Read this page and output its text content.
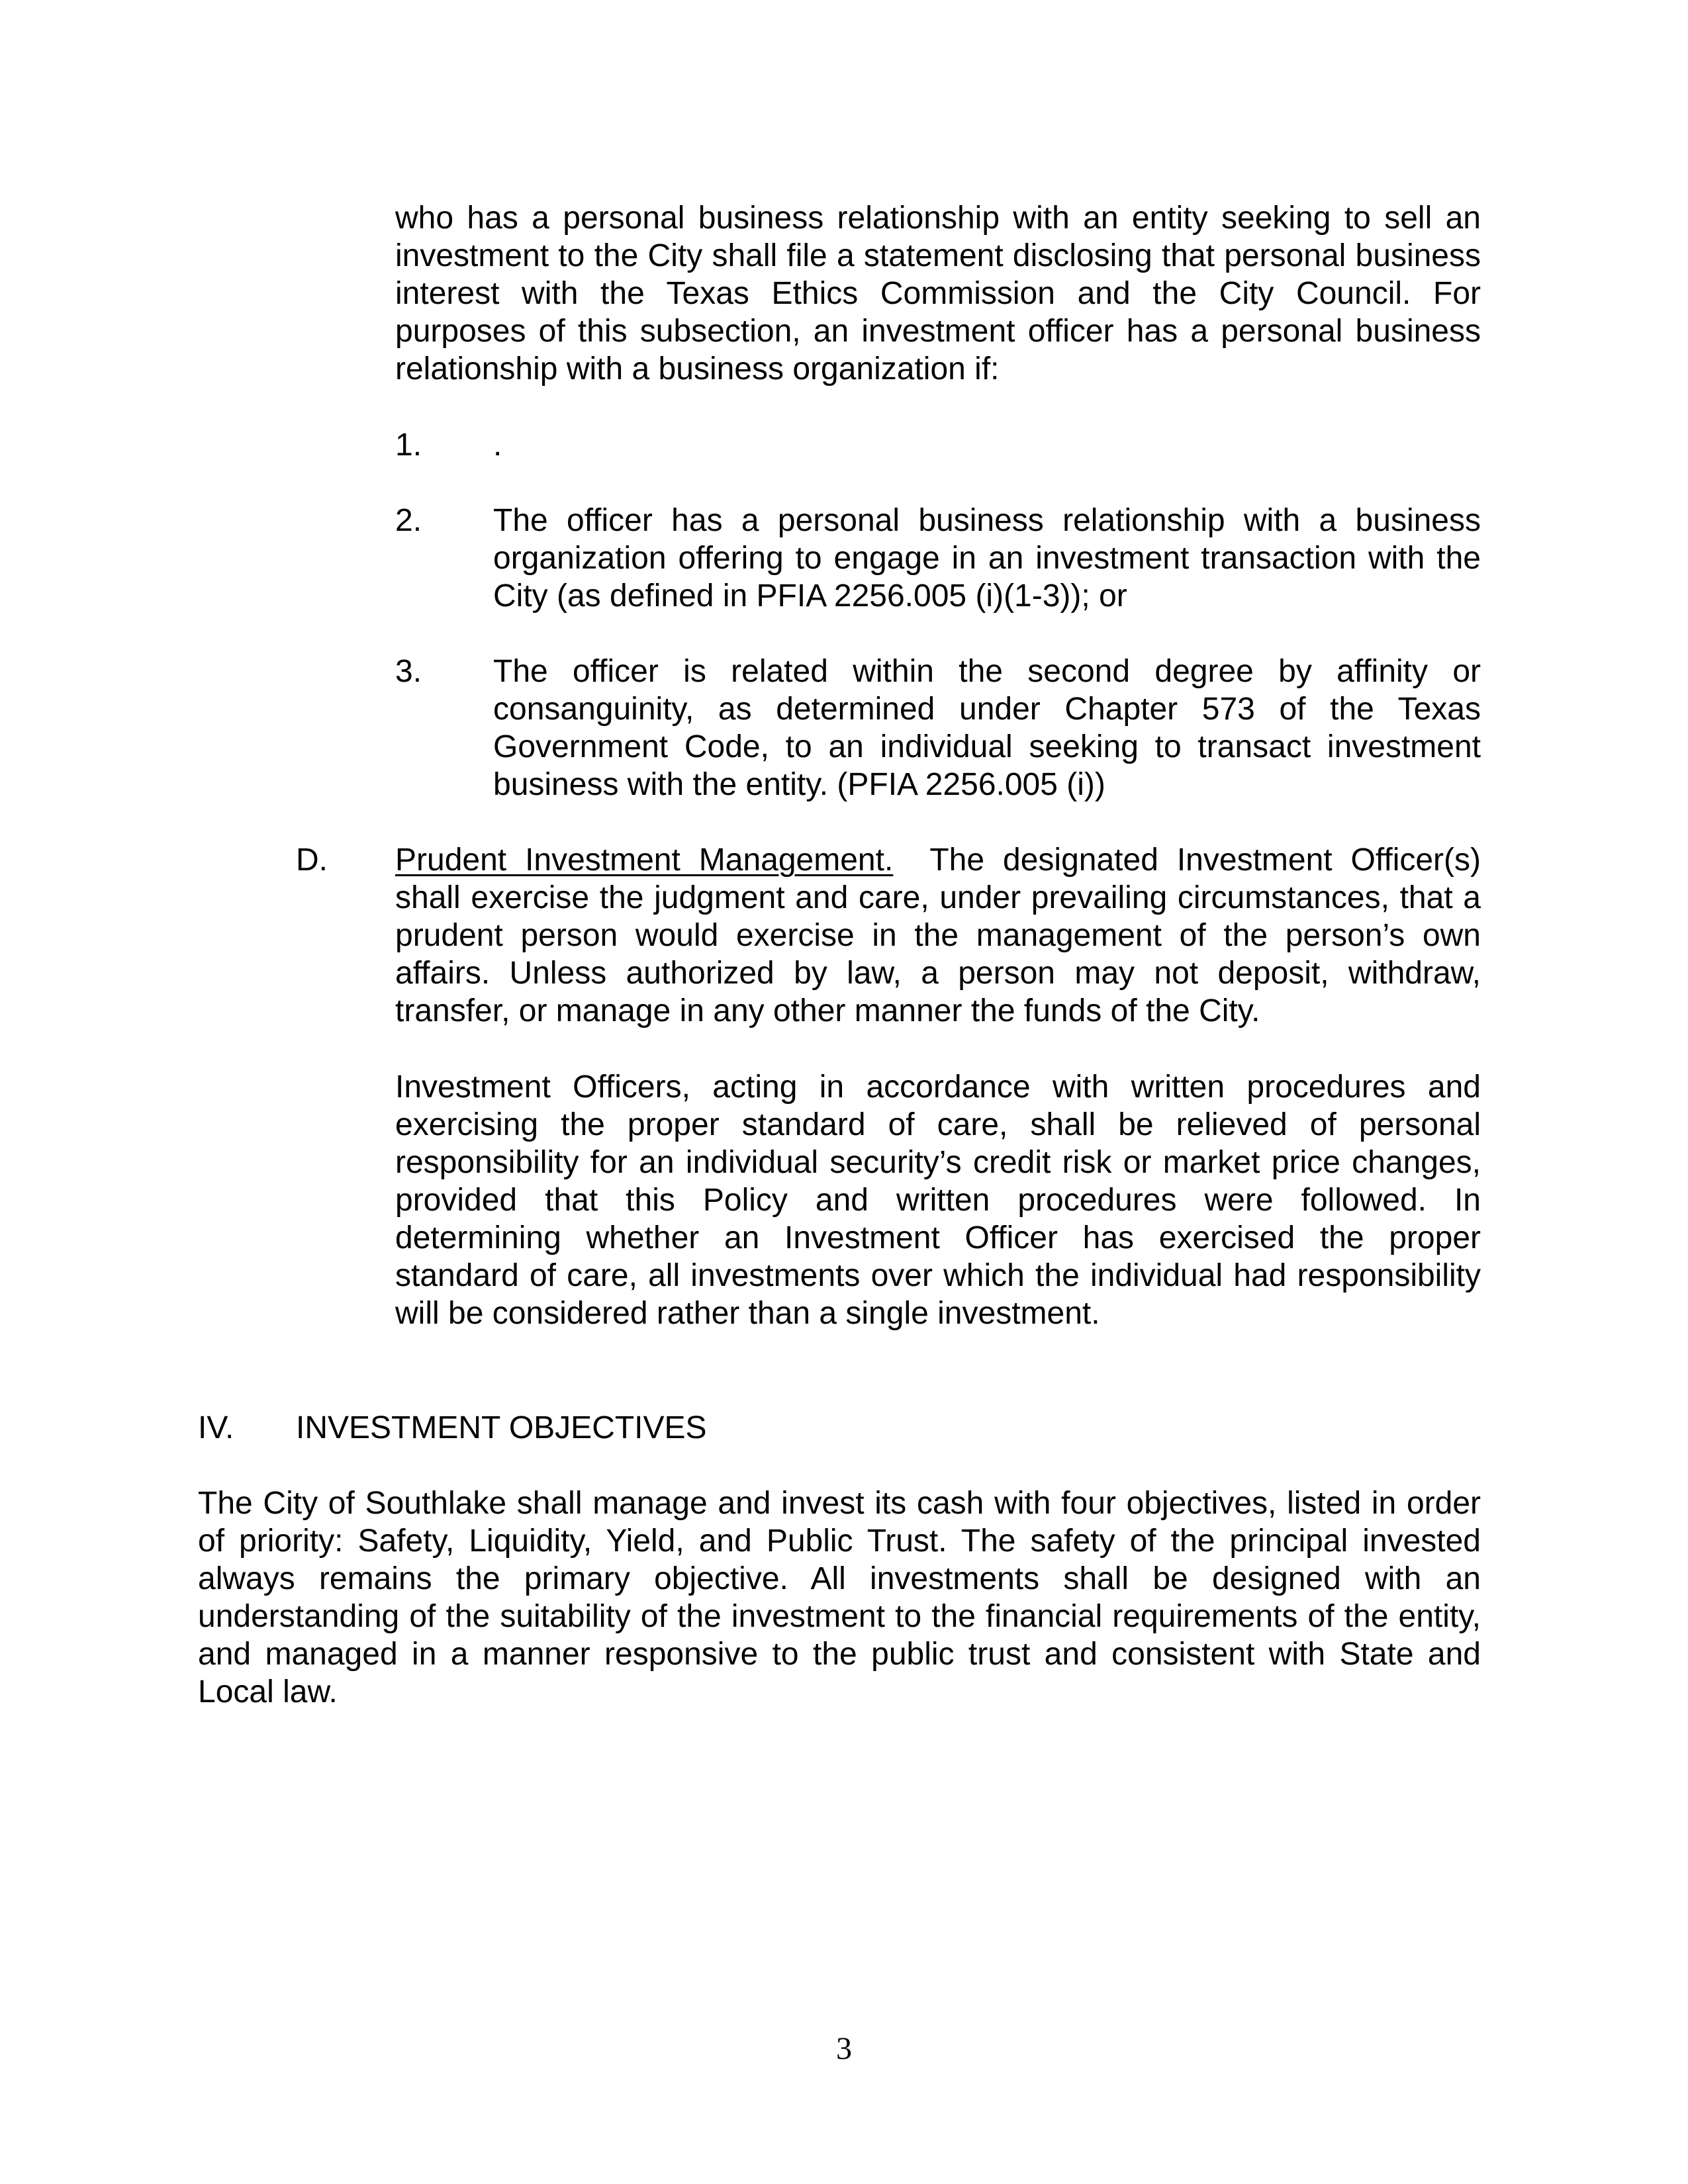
who has a personal business relationship with an entity seeking to sell an investment to the City shall file a statement disclosing that personal business interest with the Texas Ethics Commission and the City Council. For purposes of this subsection, an investment officer has a personal business relationship with a business organization if:

1. .
2. The officer has a personal business relationship with a business organization offering to engage in an investment transaction with the City (as defined in PFIA 2256.005 (i)(1-3)); or
3. The officer is related within the second degree by affinity or consanguinity, as determined under Chapter 573 of the Texas Government Code, to an individual seeking to transact investment business with the entity. (PFIA 2256.005 (i))
D. Prudent Investment Management. The designated Investment Officer(s) shall exercise the judgment and care, under prevailing circumstances, that a prudent person would exercise in the management of the person’s own affairs. Unless authorized by law, a person may not deposit, withdraw, transfer, or manage in any other manner the funds of the City.

Investment Officers, acting in accordance with written procedures and exercising the proper standard of care, shall be relieved of personal responsibility for an individual security’s credit risk or market price changes, provided that this Policy and written procedures were followed. In determining whether an Investment Officer has exercised the proper standard of care, all investments over which the individual had responsibility will be considered rather than a single investment.

IV. INVESTMENT OBJECTIVES

The City of Southlake shall manage and invest its cash with four objectives, listed in order of priority: Safety, Liquidity, Yield, and Public Trust. The safety of the principal invested always remains the primary objective. All investments shall be designed with an understanding of the suitability of the investment to the financial requirements of the entity, and managed in a manner responsive to the public trust and consistent with State and Local law.

3
